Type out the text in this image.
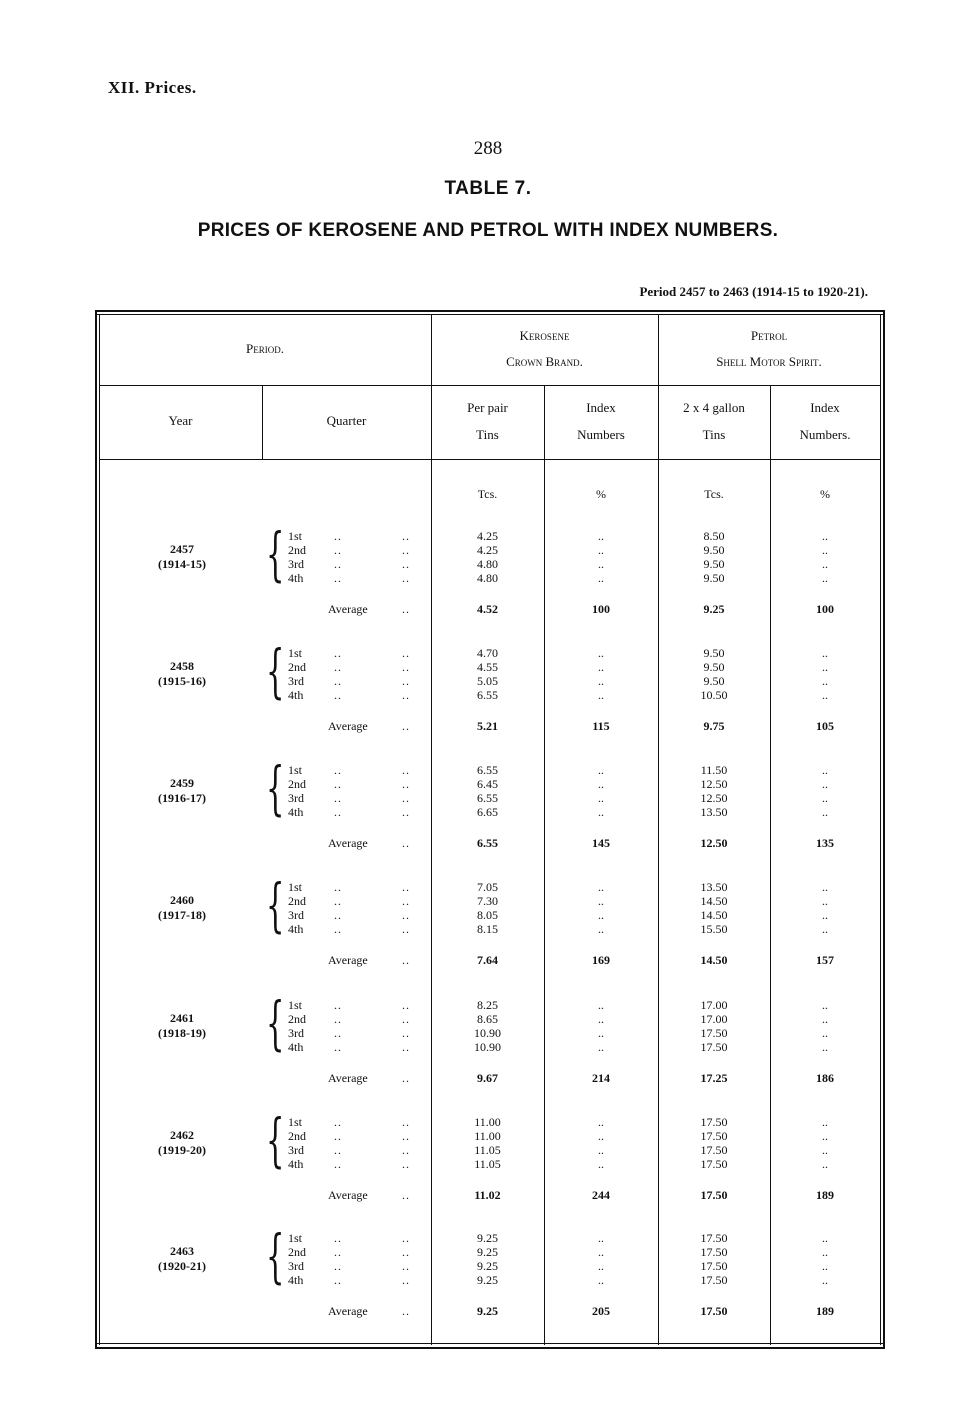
XII. Prices.
288
TABLE 7.
PRICES OF KEROSENE AND PETROL WITH INDEX NUMBERS.
Period 2457 to 2463 (1914-15 to 1920-21).
Period.
Kerosene
Crown Brand.
Petrol
Shell Motor Spirit.
Year	Quarter
Per pair
Tins
Index
Numbers
2 x 4 gallon
Tins
Index
Numbers.
Tcs.	%	Tcs.	%
2457
(1914-15)	{ 1st	..	..	4.25	..	8.50	..
2nd ..	..	4.25	..	9.50	..
3rd	..	..	4.80	..	9.50	..
4th	..	..	4.80	..	9.50	..
Average	..	4.52	100	9.25	100
2458
(1915-16)	{ 1st	..	..	4.70	..	9.50	..
2nd ..	..	4.55	..	9.50	..
3rd	..	..	5.05	..	9.50	..
4th	..	..	6.55	..	10.50	..
Average	..	5.21	115	9.75	105
2459
(1916-17)	{ 1st	..	..	6.55	..	11.50	..
2nd ..	..	6.45	..	12.50	..
3rd	..	..	6.55	..	12.50	..
4th	..	..	6.65	..	13.50	..
Average	..	6.55	145	12.50	135
2460
(1917-18)	{ 1st	..	..	7.05	..	13.50	..
2nd ..	..	7.30	..	14.50	..
3rd	..	..	8.05	..	14.50	..
4th	..	..	8.15	..	15.50	..
Average	..	7.64	169	14.50	157
2461
(1918-19)	{ 1st	..	..	8.25	..	17.00	..
2nd ..	..	8.65	..	17.00	..
3rd	..	..	10.90	..	17.50	..
4th	..	..	10.90	..	17.50	..
Average	..	9.67	214	17.25	186
2462
(1919-20)	{ 1st	..	..	11.00	..	17.50	..
2nd ..	..	11.00	..	17.50	..
3rd	..	..	11.05	..	17.50	..
4th	..	..	11.05	..	17.50	..
Average	..	11.02	244	17.50	189
2463
(1920-21)	{ 1st	..	..	9.25	..	17.50	..
2nd ..	..	9.25	..	17.50	..
3rd	..	..	9.25	..	17.50	..
4th	..	..	9.25	..	17.50	..
Average	..	9.25	205	17.50	189
